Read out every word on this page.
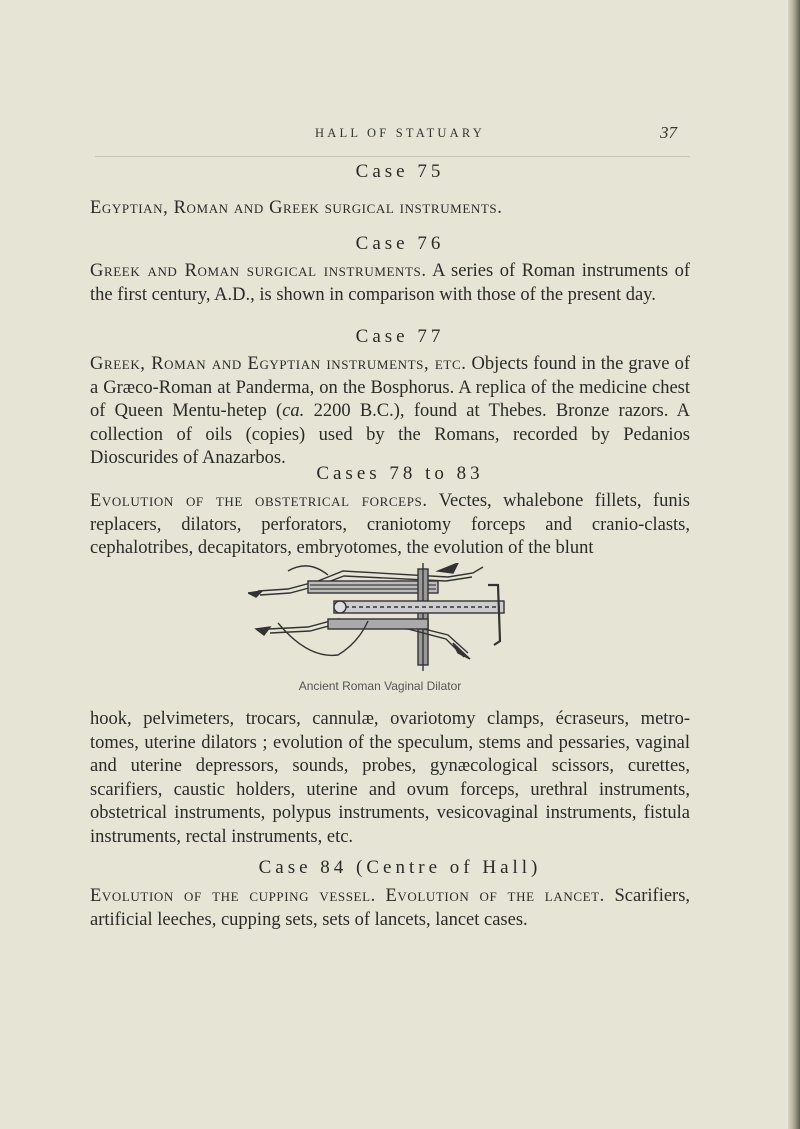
HALL OF STATUARY	37
Case 75
Egyptian, Roman and Greek surgical instruments.
Case 76
Greek and Roman surgical instruments. A series of Roman instruments of the first century, A.D., is shown in comparison with those of the present day.
Case 77
Greek, Roman and Egyptian instruments, etc. Objects found in the grave of a Græco-Roman at Panderma, on the Bosphorus. A replica of the medicine chest of Queen Mentu-hetep (ca. 2200 B.C.), found at Thebes. Bronze razors. A collection of oils (copies) used by the Romans, recorded by Pedanios Dioscurides of Anazarbos.
Cases 78 to 83
Evolution of the obstetrical forceps. Vectes, whalebone fillets, funis replacers, dilators, perforators, craniotomy forceps and cranio-clasts, cephalotribes, decapitators, embryotomes, the evolution of the blunt
Ancient Roman Vaginal Dilator
hook, pelvimeters, trocars, cannulæ, ovariotomy clamps, écraseurs, metro-tomes, uterine dilators ; evolution of the speculum, stems and pessaries, vaginal and uterine depressors, sounds, probes, gynæcological scissors, curettes, scarifiers, caustic holders, uterine and ovum forceps, urethral instruments, obstetrical instruments, polypus instruments, vesicovaginal instruments, fistula instruments, rectal instruments, etc.
Case 84 (Centre of Hall)
Evolution of the cupping vessel. Evolution of the lancet. Scarifiers, artificial leeches, cupping sets, sets of lancets, lancet cases.
